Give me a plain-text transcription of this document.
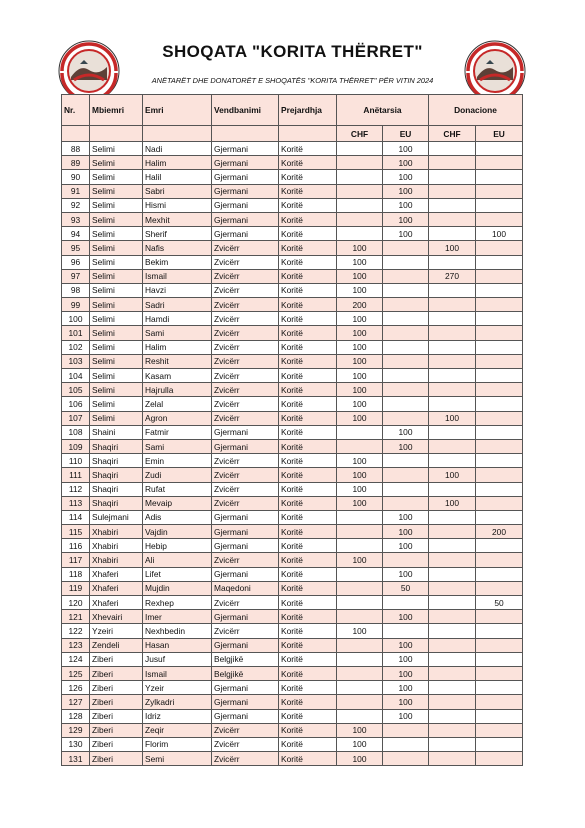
SHOQATA "KORITA THËRRET"
ANËTARËT DHE DONATORËT E SHOQATËS "KORITA THËRRET" PËR VITIN 2024
Nr.	Mbiemri	Emri	Vendbanimi	Prejardhja	Anëtarsia		Donacione	
					CHF	EU	CHF	EU
88	Selimi	Nadi	Gjermani	Koritë		100		
89	Selimi	Halim	Gjermani	Koritë		100		
90	Selimi	Halil	Gjermani	Koritë		100		
91	Selimi	Sabri	Gjermani	Koritë		100		
92	Selimi	Hismi	Gjermani	Koritë		100		
93	Selimi	Mexhit	Gjermani	Koritë		100		
94	Selimi	Sherif	Gjermani	Koritë		100		100
95	Selimi	Nafis	Zvicërr	Koritë	100		100	
96	Selimi	Bekim	Zvicërr	Koritë	100			
97	Selimi	Ismail	Zvicërr	Koritë	100		270	
98	Selimi	Havzi	Zvicërr	Koritë	100			
99	Selimi	Sadri	Zvicërr	Koritë	200			
100	Selimi	Hamdi	Zvicërr	Koritë	100			
101	Selimi	Sami	Zvicërr	Koritë	100			
102	Selimi	Halim	Zvicërr	Koritë	100			
103	Selimi	Reshit	Zvicërr	Koritë	100			
104	Selimi	Kasam	Zvicërr	Koritë	100			
105	Selimi	Hajrulla	Zvicërr	Koritë	100			
106	Selimi	Zelal	Zvicërr	Koritë	100			
107	Selimi	Agron	Zvicërr	Koritë	100		100	
108	Shaini	Fatmir	Gjermani	Koritë		100		
109	Shaqiri	Sami	Gjermani	Koritë		100		
110	Shaqiri	Emin	Zvicërr	Koritë	100			
111	Shaqiri	Zudi	Zvicërr	Koritë	100		100	
112	Shaqiri	Rufat	Zvicërr	Koritë	100			
113	Shaqiri	Mevaip	Zvicërr	Koritë	100		100	
114	Sulejmani	Adis	Gjermani	Koritë		100		
115	Xhabiri	Vajdin	Gjermani	Koritë		100		200
116	Xhabiri	Hebip	Gjermani	Koritë		100		
117	Xhabiri	Ali	Zvicërr	Koritë	100			
118	Xhaferi	Lifet	Gjermani	Koritë		100		
119	Xhaferi	Mujdin	Maqedoni	Koritë		50		
120	Xhaferi	Rexhep	Zvicërr	Koritë				50
121	Xhevairi	Imer	Gjermani	Koritë		100		
122	Yzeiri	Nexhbedin	Zvicërr	Koritë	100			
123	Zendeli	Hasan	Gjermani	Koritë		100		
124	Ziberi	Jusuf	Belgjikë	Koritë		100		
125	Ziberi	Ismail	Belgjikë	Koritë		100		
126	Ziberi	Yzeir	Gjermani	Koritë		100		
127	Ziberi	Zylkadri	Gjermani	Koritë		100		
128	Ziberi	Idriz	Gjermani	Koritë		100		
129	Ziberi	Zeqir	Zvicërr	Koritë	100			
130	Ziberi	Florim	Zvicërr	Koritë	100			
131	Ziberi	Semi	Zvicërr	Koritë	100			
